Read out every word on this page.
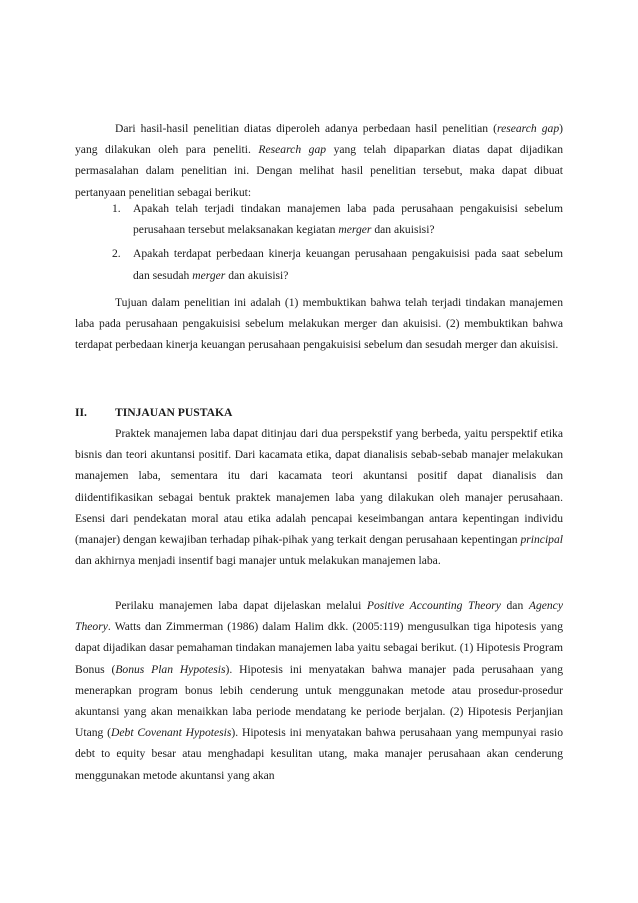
Dari hasil-hasil penelitian diatas diperoleh adanya perbedaan hasil penelitian (research gap) yang dilakukan oleh para peneliti. Research gap yang telah dipaparkan diatas dapat dijadikan permasalahan dalam penelitian ini. Dengan melihat hasil penelitian tersebut, maka dapat dibuat pertanyaan penelitian sebagai berikut:

1. Apakah telah terjadi tindakan manajemen laba pada perusahaan pengakuisisi sebelum perusahaan tersebut melaksanakan kegiatan merger dan akuisisi?
2. Apakah terdapat perbedaan kinerja keuangan perusahaan pengakuisisi pada saat sebelum dan sesudah merger dan akuisisi?

Tujuan dalam penelitian ini adalah (1) membuktikan bahwa telah terjadi tindakan manajemen laba pada perusahaan pengakuisisi sebelum melakukan merger dan akuisisi. (2) membuktikan bahwa terdapat perbedaan kinerja keuangan perusahaan pengakuisisi sebelum dan sesudah merger dan akuisisi.

II. TINJAUAN PUSTAKA

Praktek manajemen laba dapat ditinjau dari dua perspekstif yang berbeda, yaitu perspektif etika bisnis dan teori akuntansi positif. Dari kacamata etika, dapat dianalisis sebab-sebab manajer melakukan manajemen laba, sementara itu dari kacamata teori akuntansi positif dapat dianalisis dan diidentifikasikan sebagai bentuk praktek manajemen laba yang dilakukan oleh manajer perusahaan. Esensi dari pendekatan moral atau etika adalah pencapai keseimbangan antara kepentingan individu (manajer) dengan kewajiban terhadap pihak-pihak yang terkait dengan perusahaan kepentingan principal dan akhirnya menjadi insentif bagi manajer untuk melakukan manajemen laba.

Perilaku manajemen laba dapat dijelaskan melalui Positive Accounting Theory dan Agency Theory. Watts dan Zimmerman (1986) dalam Halim dkk. (2005:119) mengusulkan tiga hipotesis yang dapat dijadikan dasar pemahaman tindakan manajemen laba yaitu sebagai berikut. (1) Hipotesis Program Bonus (Bonus Plan Hypotesis). Hipotesis ini menyatakan bahwa manajer pada perusahaan yang menerapkan program bonus lebih cenderung untuk menggunakan metode atau prosedur-prosedur akuntansi yang akan menaikkan laba periode mendatang ke periode berjalan. (2) Hipotesis Perjanjian Utang (Debt Covenant Hypotesis). Hipotesis ini menyatakan bahwa perusahaan yang mempunyai rasio debt to equity besar atau menghadapi kesulitan utang, maka manajer perusahaan akan cenderung menggunakan metode akuntansi yang akan
